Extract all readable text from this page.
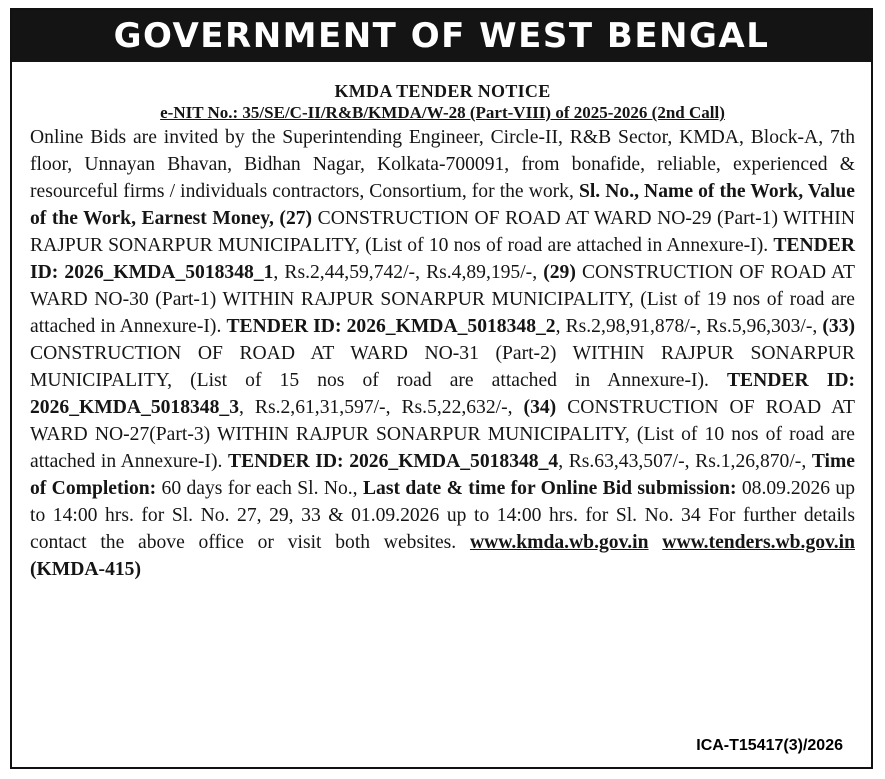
GOVERNMENT OF WEST BENGAL
KMDA TENDER NOTICE
e-NIT No.: 35/SE/C-II/R&B/KMDA/W-28 (Part-VIII) of 2025-2026 (2nd Call)

Online Bids are invited by the Superintending Engineer, Circle-II, R&B Sector, KMDA, Block-A, 7th floor, Unnayan Bhavan, Bidhan Nagar, Kolkata-700091, from bonafide, reliable, experienced & resourceful firms / individuals contractors, Consortium, for the work, Sl. No., Name of the Work, Value of the Work, Earnest Money, (27) CONSTRUCTION OF ROAD AT WARD NO-29 (Part-1) WITHIN RAJPUR SONARPUR MUNICIPALITY, (List of 10 nos of road are attached in Annexure-I). TENDER ID: 2026_KMDA_5018348_1, Rs.2,44,59,742/-, Rs.4,89,195/-, (29) CONSTRUCTION OF ROAD AT WARD NO-30 (Part-1) WITHIN RAJPUR SONARPUR MUNICIPALITY, (List of 19 nos of road are attached in Annexure-I). TENDER ID: 2026_KMDA_5018348_2, Rs.2,98,91,878/-, Rs.5,96,303/-, (33) CONSTRUCTION OF ROAD AT WARD NO-31 (Part-2) WITHIN RAJPUR SONARPUR MUNICIPALITY, (List of 15 nos of road are attached in Annexure-I). TENDER ID: 2026_KMDA_5018348_3, Rs.2,61,31,597/-, Rs.5,22,632/-, (34) CONSTRUCTION OF ROAD AT WARD NO-27(Part-3) WITHIN RAJPUR SONARPUR MUNICIPALITY, (List of 10 nos of road are attached in Annexure-I). TENDER ID: 2026_KMDA_5018348_4, Rs.63,43,507/-, Rs.1,26,870/-, Time of Completion: 60 days for each Sl. No., Last date & time for Online Bid submission: 08.09.2026 up to 14:00 hrs. for Sl. No. 27, 29, 33 & 01.09.2026 up to 14:00 hrs. for Sl. No. 34 For further details contact the above office or visit both websites. www.kmda.wb.gov.in www.tenders.wb.gov.in (KMDA-415)

ICA-T15417(3)/2026
